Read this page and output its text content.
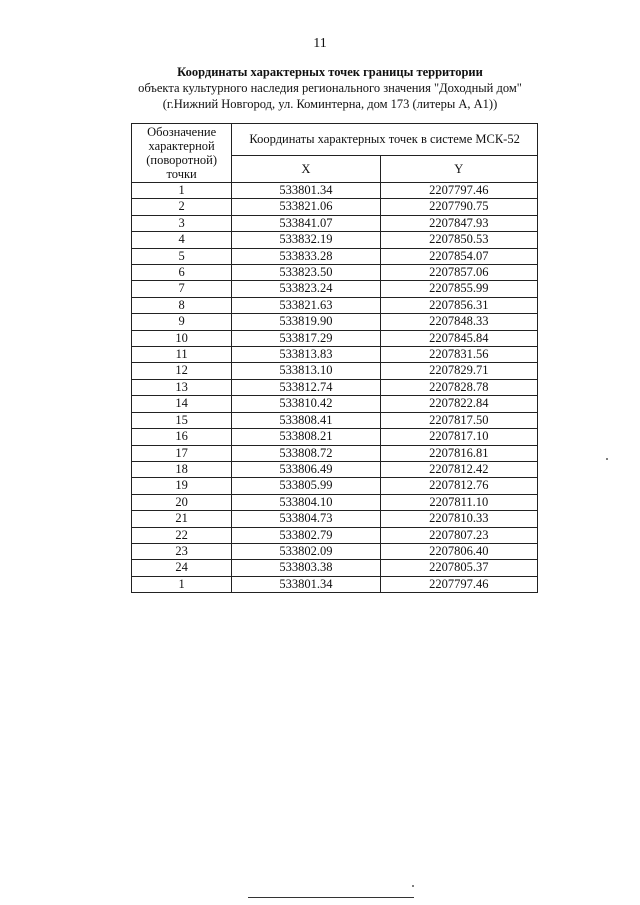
11
Координаты характерных точек границы территории
объекта культурного наследия регионального значения "Доходный дом"
(г.Нижний Новгород, ул. Коминтерна, дом 173 (литеры А, А1))
Обозначение характерной (поворотной) точки	Координаты характерных точек в системе МСК-52	
	X	Y
1	533801.34	2207797.46
2	533821.06	2207790.75
3	533841.07	2207847.93
4	533832.19	2207850.53
5	533833.28	2207854.07
6	533823.50	2207857.06
7	533823.24	2207855.99
8	533821.63	2207856.31
9	533819.90	2207848.33
10	533817.29	2207845.84
11	533813.83	2207831.56
12	533813.10	2207829.71
13	533812.74	2207828.78
14	533810.42	2207822.84
15	533808.41	2207817.50
16	533808.21	2207817.10
17	533808.72	2207816.81
18	533806.49	2207812.42
19	533805.99	2207812.76
20	533804.10	2207811.10
21	533804.73	2207810.33
22	533802.79	2207807.23
23	533802.09	2207806.40
24	533803.38	2207805.37
1	533801.34	2207797.46
